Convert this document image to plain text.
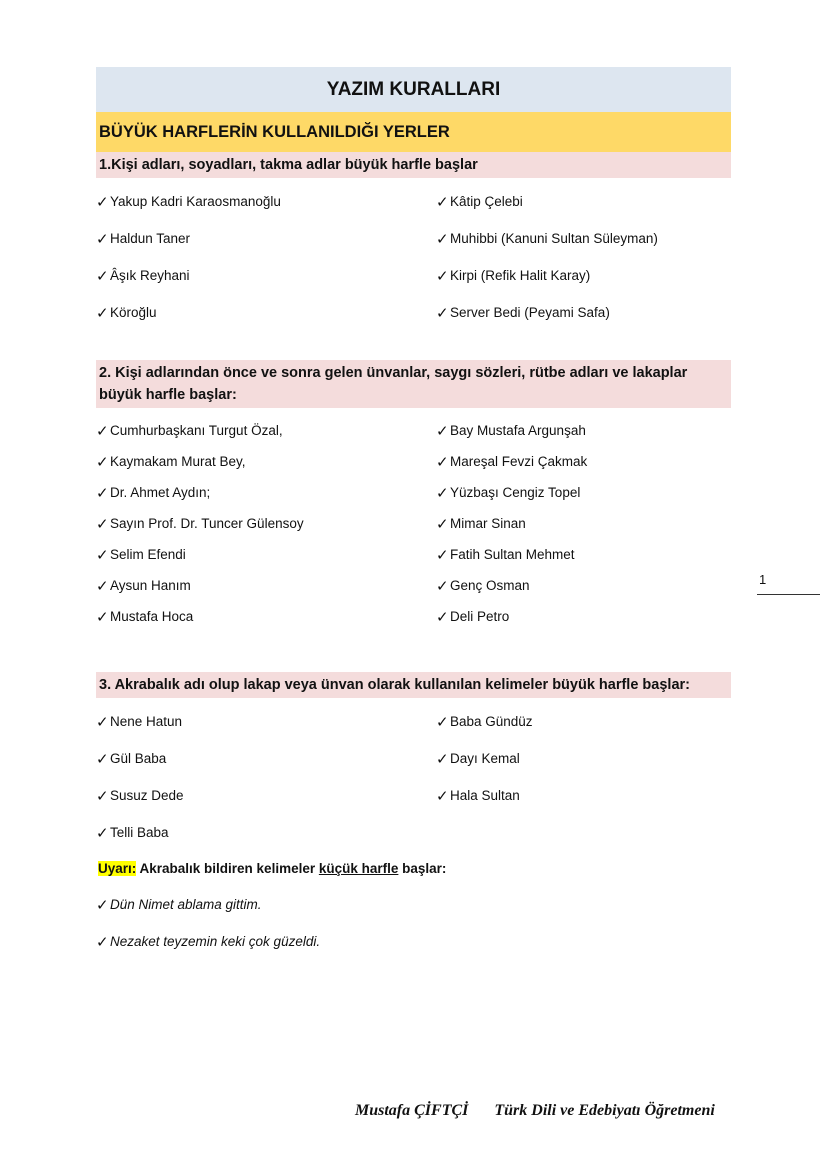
YAZIM KURALLARI
BÜYÜK HARFLERİN KULLANILDIĞI YERLER
1.Kişi adları, soyadları, takma adlar büyük harfle başlar
✓ Yakup Kadri Karaosmanoğlu	✓ Kâtip Çelebi
✓ Haldun Taner	✓ Muhibbi (Kanuni Sultan Süleyman)
✓ Âşık Reyhani	✓ Kirpi (Refik Halit Karay)
✓ Köroğlu	✓ Server Bedi (Peyami Safa)
2. Kişi adlarından önce ve sonra gelen ünvanlar, saygı sözleri, rütbe adları ve lakaplar büyük harfle başlar:
✓ Cumhurbaşkanı Turgut Özal,	✓ Bay Mustafa Argunşah
✓ Kaymakam Murat Bey,	✓ Mareşal Fevzi Çakmak
✓ Dr. Ahmet Aydın;	✓ Yüzbaşı Cengiz Topel
✓ Sayın Prof. Dr. Tuncer Gülensoy	✓ Mimar Sinan
✓ Selim Efendi	✓ Fatih Sultan Mehmet
✓ Aysun Hanım	✓ Genç Osman
✓ Mustafa Hoca	✓ Deli Petro
3. Akrabalık adı olup lakap veya ünvan olarak kullanılan kelimeler büyük harfle başlar:
✓ Nene Hatun	✓ Baba Gündüz
✓ Gül Baba	✓ Dayı Kemal
✓ Susuz Dede	✓ Hala Sultan
✓ Telli Baba
Uyarı: Akrabalık bildiren kelimeler küçük harfle başlar:
✓ Dün Nimet ablama gittim.
✓ Nezaket teyzemin keki çok güzeldi.
1
Mustafa ÇİFTÇİ Türk Dili ve Edebiyatı Öğretmeni
